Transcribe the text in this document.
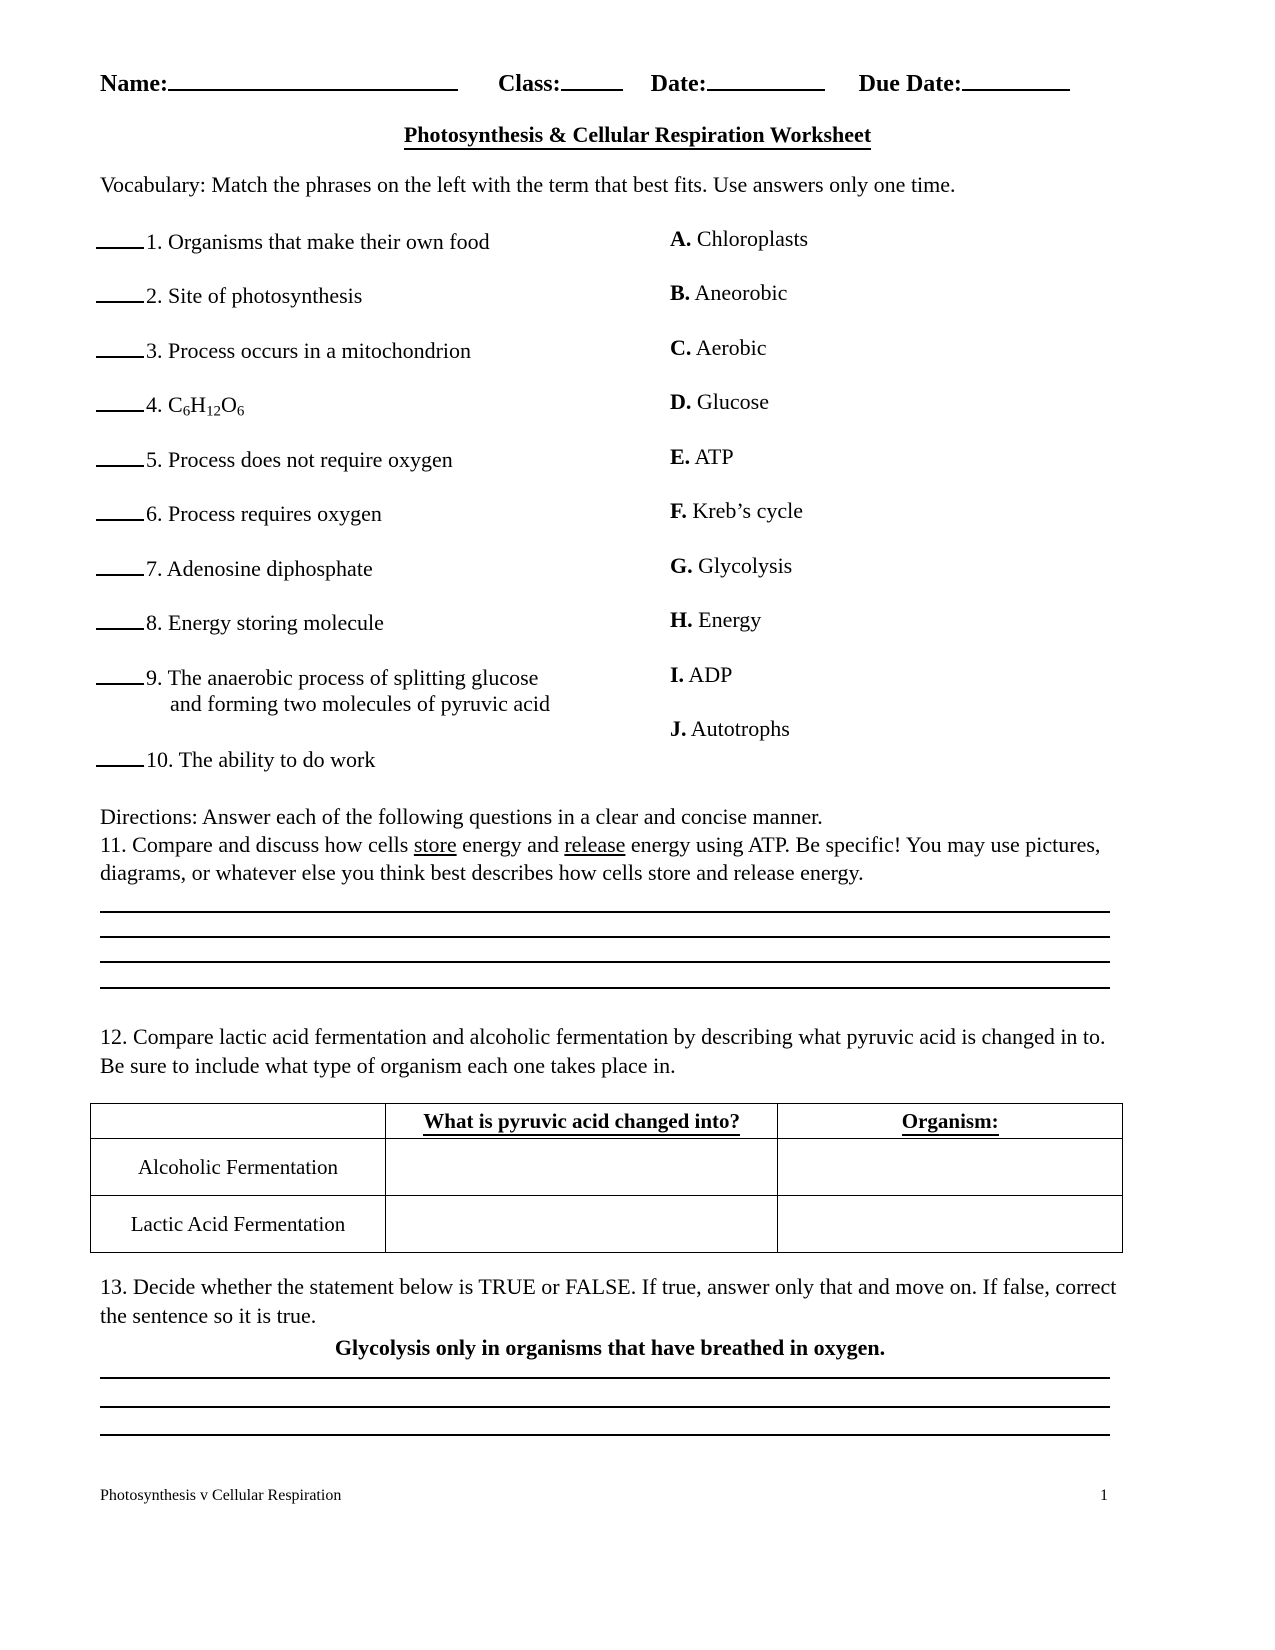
Name:	Class:	Date:	Due Date:
Photosynthesis & Cellular Respiration Worksheet
Vocabulary: Match the phrases on the left with the term that best fits. Use answers only one time.
1. Organisms that make their own food
2. Site of photosynthesis
3. Process occurs in a mitochondrion
4. $C_6H_{12}O_6$
5. Process does not require oxygen
6. Process requires oxygen
7. Adenosine diphosphate
8. Energy storing molecule
9. The anaerobic process of splitting glucose
and forming two molecules of pyruvic acid
10. The ability to do work
A. Chloroplasts
B. Aneorobic
C. Aerobic
D. Glucose
E. ATP
F. Kreb’s cycle
G. Glycolysis
H. Energy
I. ADP
J. Autotrophs
Directions: Answer each of the following questions in a clear and concise manner.
11. Compare and discuss how cells store energy and release energy using ATP. Be specific! You may use pictures, diagrams, or whatever else you think best describes how cells store and release energy.
12. Compare lactic acid fermentation and alcoholic fermentation by describing what pyruvic acid is changed in to. Be sure to include what type of organism each one takes place in.
	What is pyruvic acid changed into?	Organism:
Alcoholic Fermentation		
Lactic Acid Fermentation		
13. Decide whether the statement below is TRUE or FALSE. If true, answer only that and move on. If false, correct the sentence so it is true.
Glycolysis only in organisms that have breathed in oxygen.
Photosynthesis v Cellular Respiration	1
